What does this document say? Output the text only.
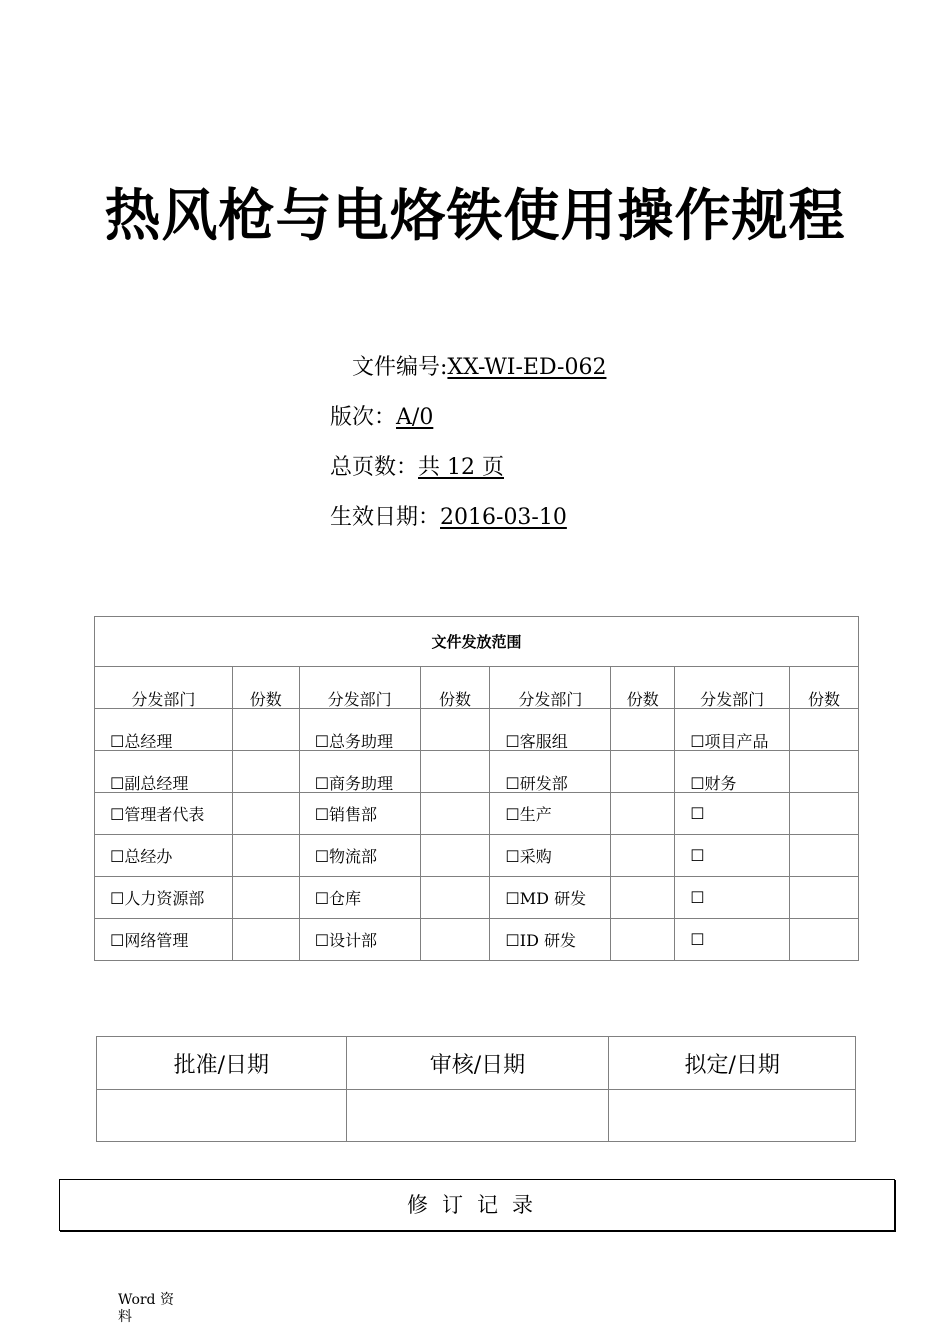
热风枪与电烙铁使用操作规程
文件编号:XX-WI-ED-062
版次：A/0
总页数：共 12 页
生效日期：2016-03-10
文件发放范围							
分发部门	份数	分发部门	份数	分发部门	份数	分发部门	份数
☐总经理		☐总务助理		☐客服组		☐项目产品	
☐副总经理		☐商务助理		☐研发部		☐财务	
☐管理者代表		☐销售部		☐生产		☐	
☐总经办		☐物流部		☐采购		☐	
☐人力资源部		☐仓库		☐MD 研发		☐	
☐网络管理		☐设计部		☐ID 研发		☐	
批准/日期	审核/日期	拟定/日期

修订记录
Word 资料
